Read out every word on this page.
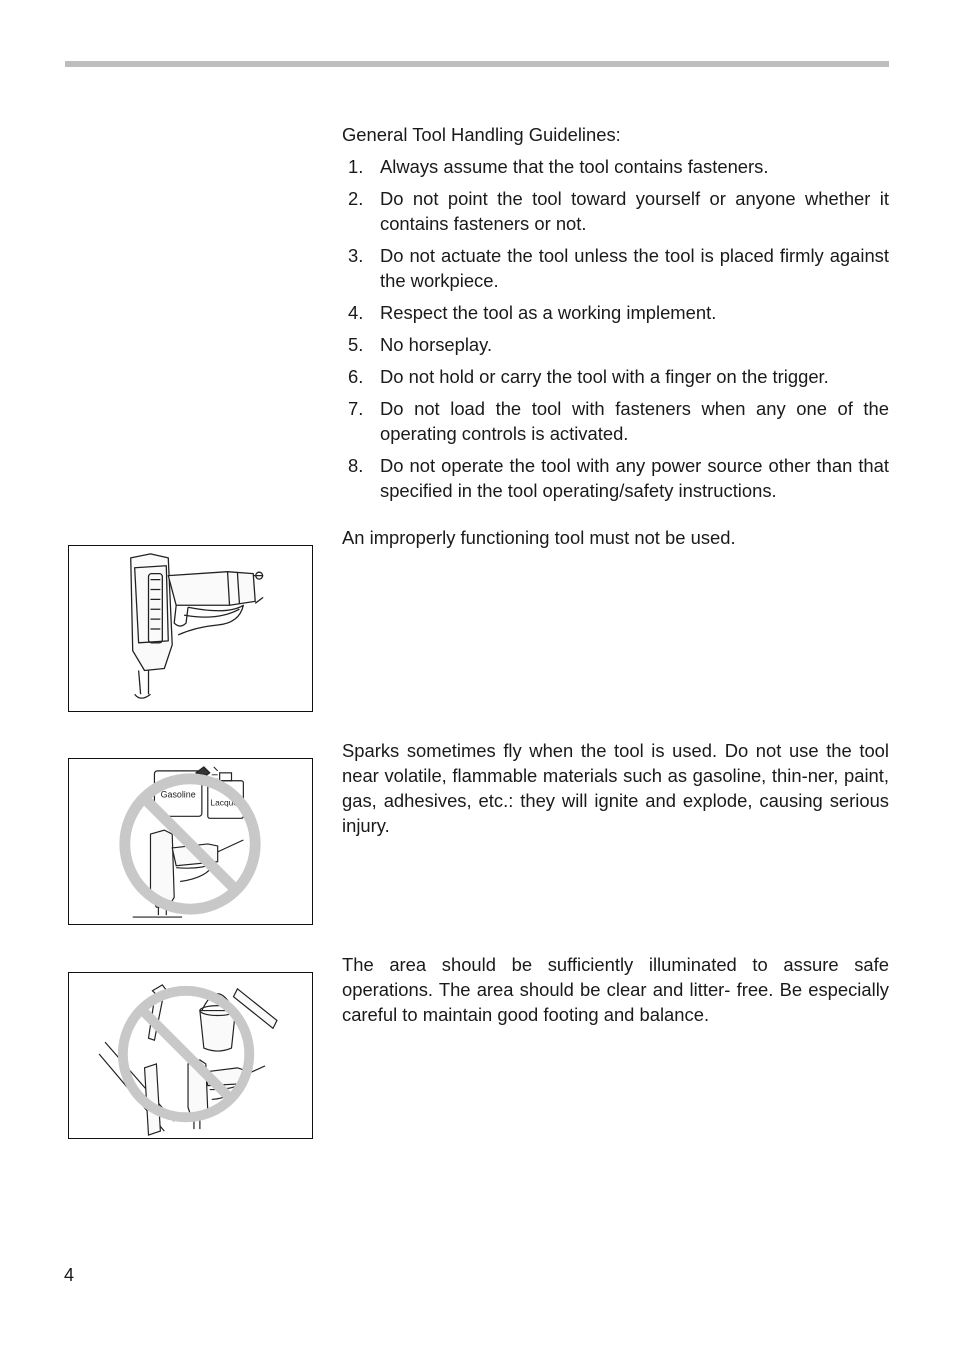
General Tool Handling Guidelines:
1. Always assume that the tool contains fasteners.
2. Do not point the tool toward yourself or anyone whether it contains fasteners or not.
3. Do not actuate the tool unless the tool is placed firmly against the workpiece.
4. Respect the tool as a working implement.
5. No horseplay.
6. Do not hold or carry the tool with a finger on the trigger.
7. Do not load the tool with fasteners when any one of the operating controls is activated.
8. Do not operate the tool with any power source other than that specified in the tool operating/safety instructions.
An improperly functioning tool must not be used.
Sparks sometimes fly when the tool is used. Do not use the tool near volatile, flammable materials such as gasoline, thin-ner, paint, gas, adhesives, etc.: they will ignite and explode, causing serious injury.
The area should be sufficiently illuminated to assure safe operations. The area should be clear and litter- free. Be especially careful to maintain good footing and balance.
Gasoline
Lacquer
4
